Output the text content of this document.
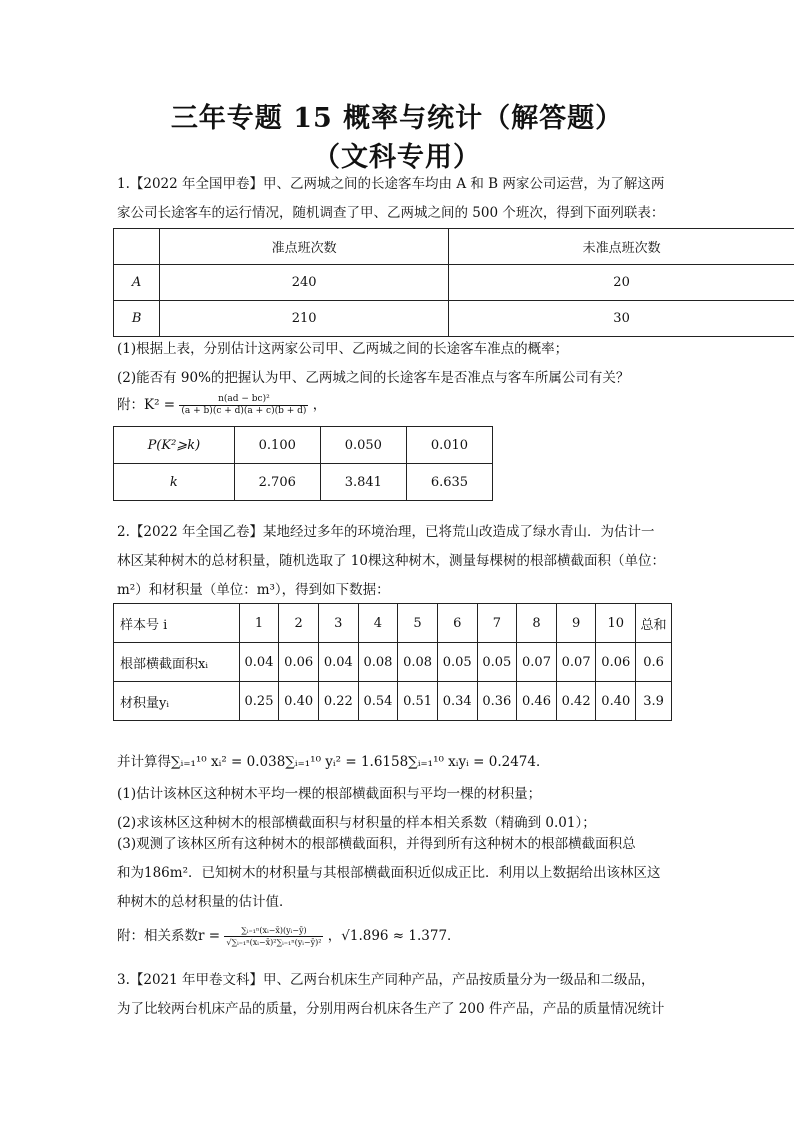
三年专题 15 概率与统计（解答题）
（文科专用）
1.【2022 年全国甲卷】甲、乙两城之间的长途客车均由 A 和 B 两家公司运营，为了解这两
家公司长途客车的运行情况，随机调查了甲、乙两城之间的 500 个班次，得到下面列联表：
	准点班次数	未准点班次数
A	240	20
B	210	30
(1)根据上表，分别估计这两家公司甲、乙两城之间的长途客车准点的概率；
(2)能否有 90%的把握认为甲、乙两城之间的长途客车是否准点与客车所属公司有关？
附：$K^2 = \frac{\text{n(ad − bc)²}}{(a + b)(c + d)(a + c)(b + d)}$ ，
P(K²⩾k)	0.100	0.050	0.010
k	2.706	3.841	6.635
2.【2022 年全国乙卷】某地经过多年的环境治理，已将荒山改造成了绿水青山．为估计一
林区某种树木的总材积量，随机选取了 10棵这种树木，测量每棵树的根部横截面积（单位：
m²）和材积量（单位：m³），得到如下数据：
样本号 i	1	2	3	4	5	6	7	8	9	10	总和
根部横截面积xᵢ	0.04	0.06	0.04	0.08	0.08	0.05	0.05	0.07	0.07	0.06	0.6
材积量yᵢ	0.25	0.40	0.22	0.54	0.51	0.34	0.36	0.46	0.42	0.40	3.9
并计算得∑ᵢ₌₁¹⁰ xᵢ² = 0.038∑ᵢ₌₁¹⁰ yᵢ² = 1.6158∑ᵢ₌₁¹⁰ xᵢyᵢ = 0.2474．
(1)估计该林区这种树木平均一棵的根部横截面积与平均一棵的材积量；
(2)求该林区这种树木的根部横截面积与材积量的样本相关系数（精确到 0.01）；
(3)观测了该林区所有这种树木的根部横截面积，并得到所有这种树木的根部横截面积总
和为186m²．已知树木的材积量与其根部横截面积近似成正比．利用以上数据给出该林区这
种树木的总材积量的估计值．
附：相关系数$r = \frac{\text{∑ᵢ₌₁ⁿ(xᵢ−x̄)(yᵢ−ȳ)}}{\text{√∑ᵢ₌₁ⁿ(xᵢ−x̄)²∑ᵢ₌₁ⁿ(yᵢ−ȳ)²}}$ ，√1.896 ≈ 1.377．
3.【2021 年甲卷文科】甲、乙两台机床生产同种产品，产品按质量分为一级品和二级品，
为了比较两台机床产品的质量，分别用两台机床各生产了 200 件产品，产品的质量情况统计
